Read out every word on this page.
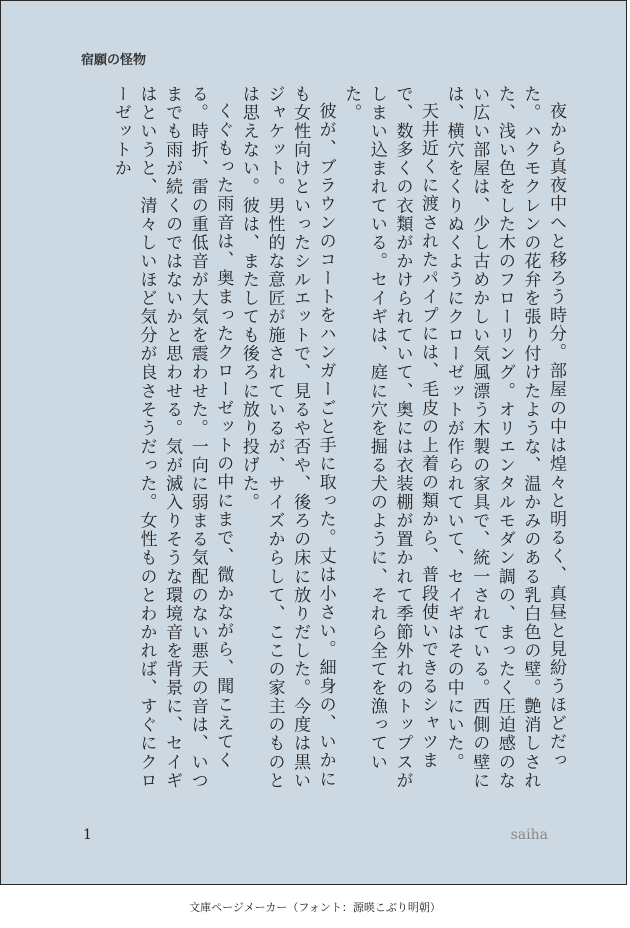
宿願の怪物

夜から真夜中へと移ろう時分。部屋の中は煌々と明るく、真昼と見紛うほどだった。ハクモクレンの花弁を張り付けたような、温かみのある乳白色の壁。艶消しされた、浅い色をした木のフローリング。オリエンタルモダン調の、まったく圧迫感のない広い部屋は、少し古めかしい気風漂う木製の家具で、統一されている。西側の壁には、横穴をくりぬくようにクローゼットが作られていて、セイギはその中にいた。

天井近くに渡されたパイプには、毛皮の上着の類から、普段使いできるシャツまで、数多くの衣類がかけられていて、奥には衣装棚が置かれて季節外れのトップスがしまい込まれている。セイギは、庭に穴を掘る犬のように、それら全てを漁っていた。

彼が、ブラウンのコートをハンガーごと手に取った。丈は小さい。細身の、いかにも女性向けといったシルエットで、見るや否や、後ろの床に放りだした。今度は黒いジャケット。男性的な意匠が施されているが、サイズからして、ここの家主のものとは思えない。彼は、またしても後ろに放り投げた。

くぐもった雨音は、奥まったクローゼットの中にまで、微かながら、聞こえてくる。時折、雷の重低音が大気を震わせた。一向に弱まる気配のない悪天の音は、いつまでも雨が続くのではないかと思わせる。気が滅入りそうな環境音を背景に、セイギはというと、清々しいほど気分が良さそうだった。女性ものとわかれば、すぐにクローゼットか

1	saiha
文庫ページメーカー（フォント：源暎こぶり明朝）
